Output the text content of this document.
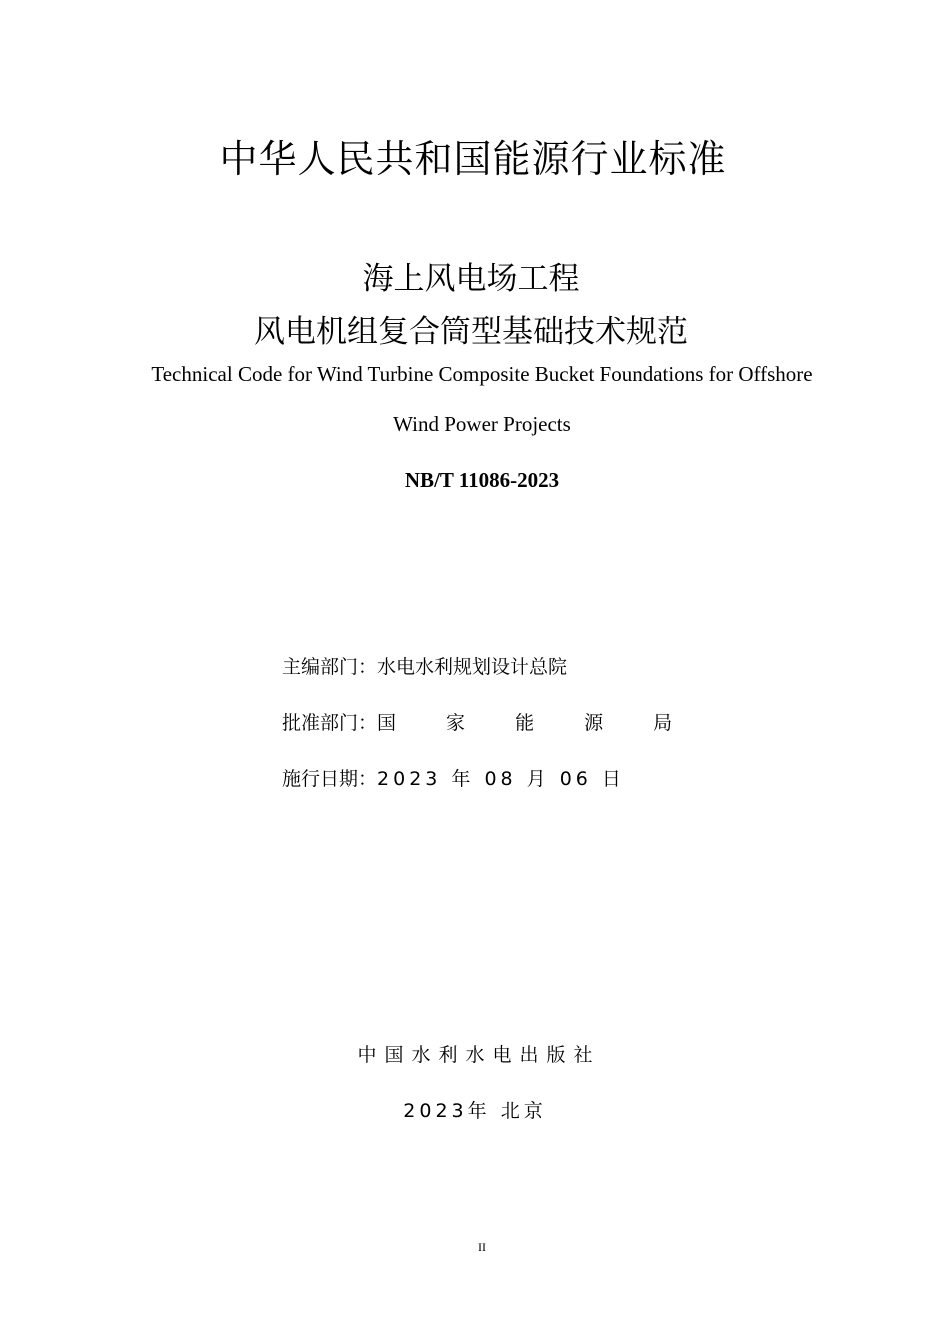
中华人民共和国能源行业标准
海上风电场工程
风电机组复合筒型基础技术规范
Technical Code for Wind Turbine Composite Bucket Foundations for Offshore
Wind Power Projects
NB/T 11086-2023
主编部门：水电水利规划设计总院
批准部门：国 家 能 源 局
施行日期：2023 年 08 月 06 日
中国水利水电出版社
2023年 北京
II
